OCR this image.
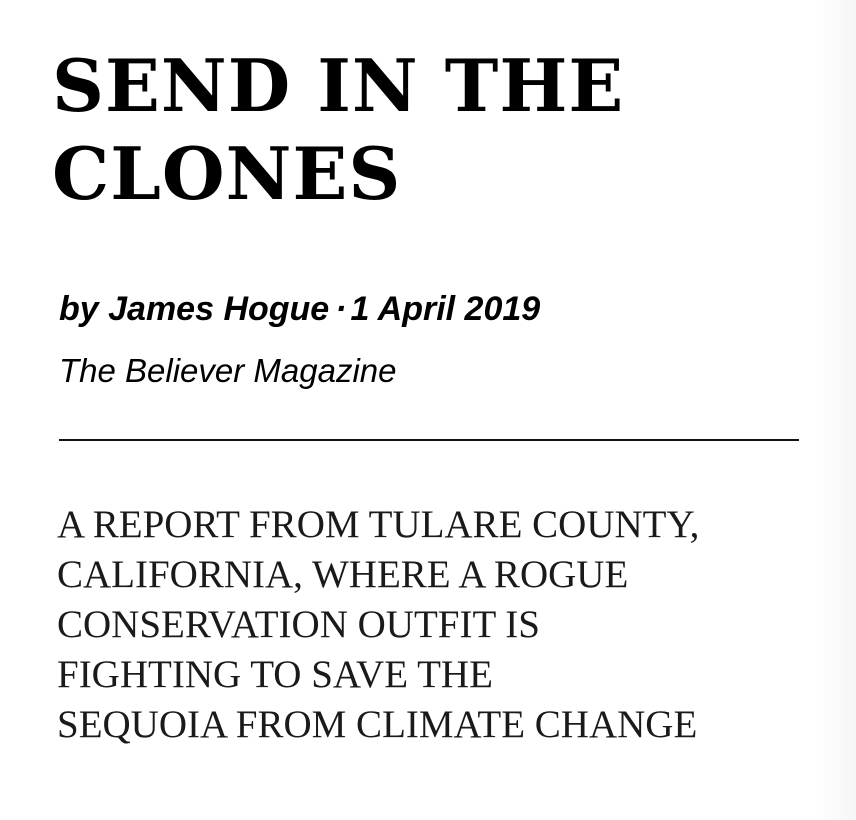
SEND IN THE
CLONES

by James Hogue · 1 April 2019

The Believer Magazine

A REPORT FROM TULARE COUNTY,
CALIFORNIA, WHERE A ROGUE
CONSERVATION OUTFIT IS
FIGHTING TO SAVE THE
SEQUOIA FROM CLIMATE CHANGE
